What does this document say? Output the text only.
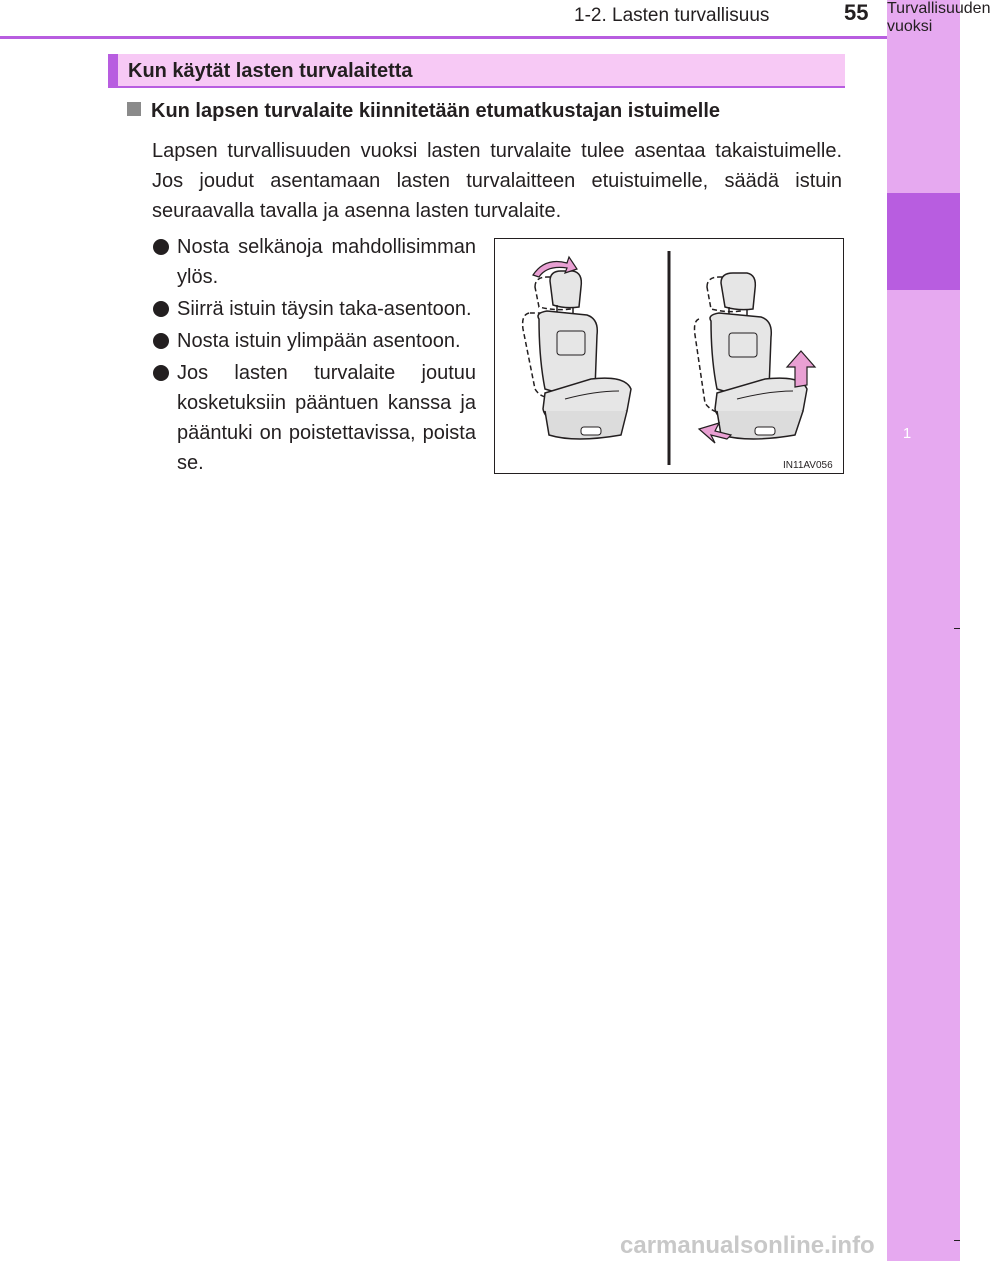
1
Turvallisuuden vuoksi
1-2. Lasten turvallisuus	55
Kun käytät lasten turvalaitetta
Kun lapsen turvalaite kiinnitetään etumatkustajan istuimelle
Lapsen turvallisuuden vuoksi lasten turvalaite tulee asentaa takaistuimelle. Jos joudut asentamaan lasten turvalaitteen etuistuimelle, säädä istuin seuraavalla tavalla ja asenna lasten turvalaite.
Nosta selkänoja mahdollisimman ylös.
Siirrä istuin täysin taka-asentoon.
Nosta istuin ylimpään asentoon.
Jos lasten turvalaite joutuu kosketuksiin pääntuen kanssa ja pääntuki on poistettavissa, poista se.	IN11AV056
carmanualsonline.info
